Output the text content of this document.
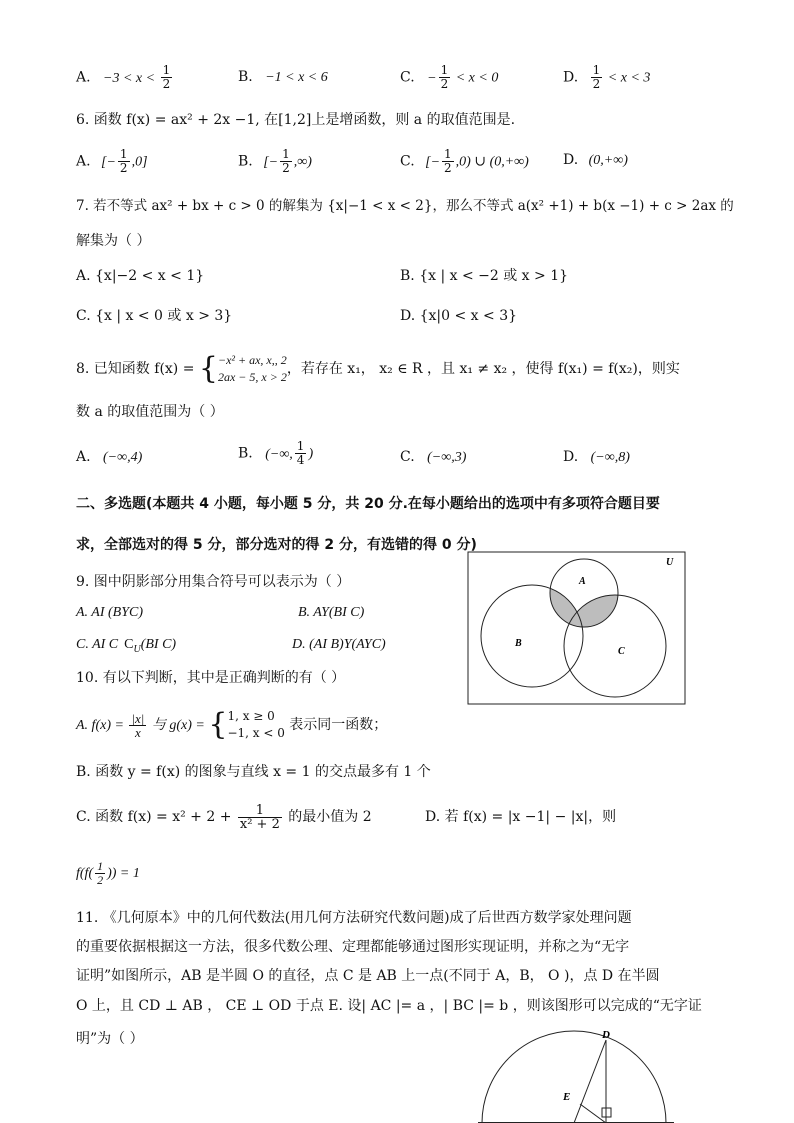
A. $-3 < x < \frac{1}{2}$	B. −1 < x < 6	C. − $\frac{1}{2} < x < 0$	D. $\frac{1}{2} < x < 3$
6. 函数 f(x) = ax² + 2x −1, 在[1,2]上是增函数，则 a 的取值范围是.
A. [− $\frac{1}{2} ,0$]	B. [− $\frac{1}{2}$ ,∞)	C. [− $\frac{1}{2} ,0$) ∪ (0,+∞) D. (0,+∞)
7. 若不等式 ax² + bx + c > 0 的解集为 {x|−1 < x < 2}，那么不等式 a(x² +1) + b(x −1) + c > 2ax 的
解集为（ ）
A. {x|−2 < x < 1}	B. {x | x < −2 或 x > 1}
C. {x | x < 0 或 x > 3}	D. {x|0 < x < 3}
8. 已知函数 f(x) = { −x² + ax, x,, 2
2ax − 5, x > 2 ，若存在 x₁， x₂ ∈ R ，且 x₁ ≠ x₂ ，使得 f(x₁) = f(x₂)，则实
数 a 的取值范围为（ ）
A. (−∞,4)	B. (−∞, $\frac{1}{4}$ )	C. (−∞,3)	D. (−∞,8)
二、多选题(本题共 4 小题，每小题 5 分，共 20 分.在每小题给出的选项中有多项符合题目要
求，全部选对的得 5 分，部分选对的得 2 分，有选错的得 0 分)
9. 图中阴影部分用集合符号可以表示为（ ）
A. AI (BYC)	B. AY(BI C)
C. AI C $C_U(BI$ C)	D. (AI B)Y(AYC)
U
A
B
C
10. 有以下判断，其中是正确判断的有（ ）
A. $f(x) = \frac{|x|}{x}$ 与 g(x) = { 1, x ≥ 0
−1, x < 0 表示同一函数；
B. 函数 y = f(x) 的图象与直线 x = 1 的交点最多有 1 个
C. 函数 $f(x) = x^2 + 2 + \frac{1}{\text{x² + 2}}$ 的最小值为 2	D. 若 f(x) = |x −1| − |x|，则
$f(f( \frac{1}{2}$ )) = 1
11. 《几何原本》中的几何代数法(用几何方法研究代数问题)成了后世西方数学家处理问题
的重要依据根据这一方法，很多代数公理、定理都能够通过图形实现证明，并称之为“无字
证明”如图所示，AB 是半圆 O 的直径，点 C 是 AB 上一点(不同于 A，B， O )，点 D 在半圆
O 上，且 CD ⊥ AB ， CE ⊥ OD 于点 E. 设| AC |= a ，| BC |= b ，则该图形可以完成的“无字证
明”为（ ）	D
E
